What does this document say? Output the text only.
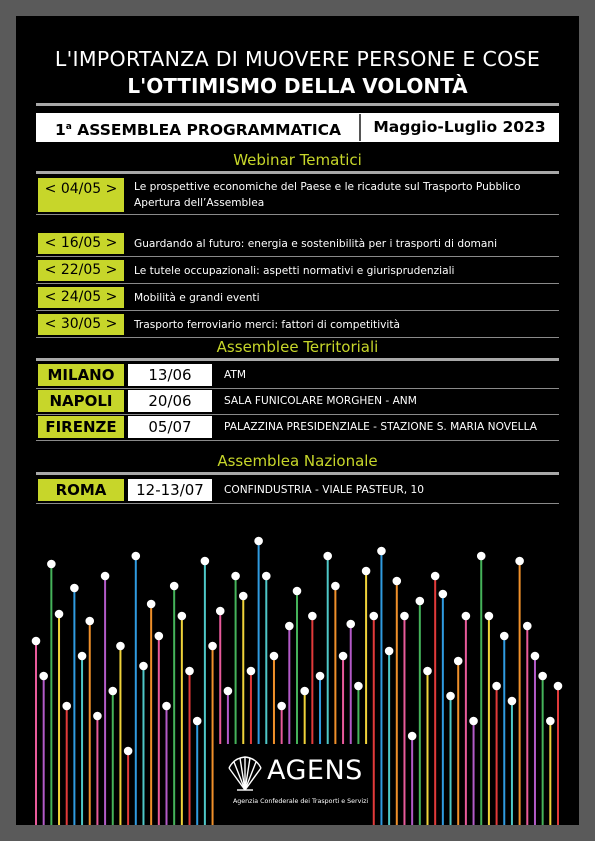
L'IMPORTANZA DI MUOVERE PERSONE E COSE
L'OTTIMISMO DELLA VOLONTÀ
1$^a$ ASSEMBLEA PROGRAMMATICA	Maggio-Luglio 2023
Webinar Tematici
< 04/05 >	Le prospettive economiche del Paese e le ricadute sul Trasporto Pubblico
Apertura dell’Assemblea
< 16/05 >	Guardando al futuro: energia e sostenibilità per i trasporti di domani
< 22/05 >	Le tutele occupazionali: aspetti normativi e giurisprudenziali
< 24/05 >	Mobilità e grandi eventi
< 30/05 >	Trasporto ferroviario merci: fattori di competitività
Assemblee Territoriali
MILANO	13/06	ATM
NAPOLI	20/06	SALA FUNICOLARE MORGHEN - ANM
FIRENZE	05/07	PALAZZINA PRESIDENZIALE - STAZIONE S. MARIA NOVELLA
Assemblea Nazionale
ROMA	12-13/07	CONFINDUSTRIA - VIALE PASTEUR, 10
AGENS
Agenzia Confederale dei Trasporti e Servizi
